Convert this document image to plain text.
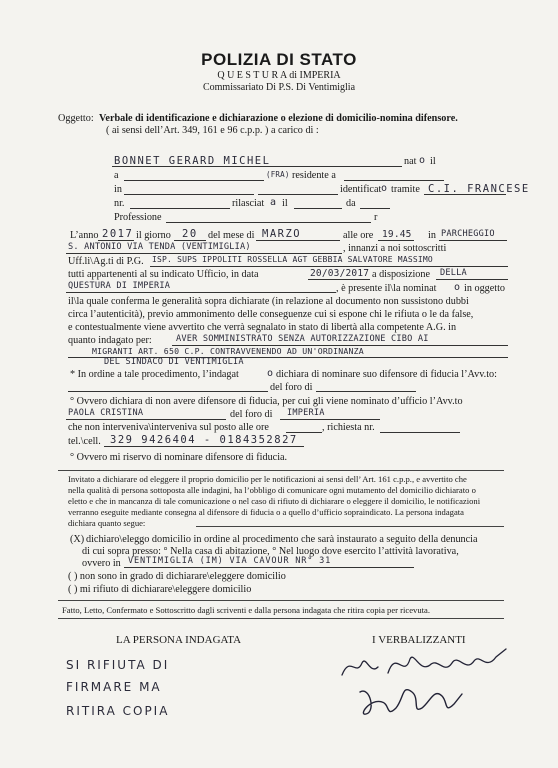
POLIZIA DI STATO
Q U E S T U R A di IMPERIA
Commissariato Di P.S. Di Ventimiglia
Oggetto: Verbale di identificazione e dichiarazione o elezione di domicilio-nomina difensore.
( ai sensi dell’Art. 349, 161 e 96 c.p.p. ) a carico di :
BONNET GERARD MICHEL	nat o il
a	(FRA) residente a
in	identificat o tramite C.I. FRANCESE
nr.	rilasciat a il	da
Professione	r
L’anno 2017 il giorno 20 del mese di MARZO	alle ore 19.45 in PARCHEGGIO
S. ANTONIO VIA TENDA (VENTIMIGLIA)	, innanzi a noi sottoscritti
Uff.li\Ag.ti di P.G. ISP. SUPS IPPOLITI ROSSELLA AGT GEBBIA SALVATORE MASSIMO
tutti appartenenti al su indicato Ufficio, in data	20/03/2017 a disposizione DELLA
QUESTURA DI IMPERIA	, è presente il\la nominat o in oggetto
il\la quale conferma le generalità sopra dichiarate (in relazione al documento non sussistono dubbi
circa l’autenticità), previo ammonimento delle conseguenze cui si espone chi le rifiuta o le da false,
e contestualmente viene avvertito che verrà segnalato in stato di libertà alla competente A.G. in
quanto indagato per:	AVER SOMMINISTRATO SENZA AUTORIZZAZIONE CIBO AI
MIGRANTI ART. 650 C.P. CONTRAVVENENDO AD UN'ORDINANZA
DEL SINDACO DI VENTIMIGLIA
* In ordine a tale procedimento, l’indagat	o dichiara di nominare suo difensore di fiducia l’Avv.to:
del foro di
° Ovvero dichiara di non avere difensore di fiducia, per cui gli viene nominato d’ufficio l’Avv.to
PAOLA CRISTINA	del foro di IMPERIA
che non interveniva\interveniva sul posto alle ore	, richiesta nr.
tel.\cell. 329 9426404 - 0184352827
° Ovvero mi riservo di nominare difensore di fiducia.
Invitato a dichiarare od eleggere il proprio domicilio per le notificazioni ai sensi dell’ Art. 161 c.p.p., e avvertito che
nella qualità di persona sottoposta alle indagini, ha l’obbligo di comunicare ogni mutamento del domicilio dichiarato o
eletto e che in mancanza di tale comunicazione o nel caso di rifiuto di dichiarare o eleggere il domicilio, le notificazioni
verranno eseguite mediante consegna al difensore di fiducia o a quello d’ufficio sopraindicato. La persona indagata
dichiara quanto segue:
(X) dichiaro\eleggo domicilio in ordine al procedimento che sarà instaurato a seguito della denuncia
di cui sopra presso: ° Nella casa di abitazione, ° Nel luogo dove esercito l’attività lavorativa,
ovvero in VENTIMIGLIA (IM) VIA CAVOUR NR° 31
( ) non sono in grado di dichiarare\eleggere domicilio
( ) mi rifiuto di dichiarare\eleggere domicilio
Fatto, Letto, Confermato e Sottoscritto dagli scriventi e dalla persona indagata che ritira copia per ricevuta.
LA PERSONA INDAGATA	I VERBALIZZANTI
SI RIFIUTA DI
FIRMARE MA
RITIRA COPIA
